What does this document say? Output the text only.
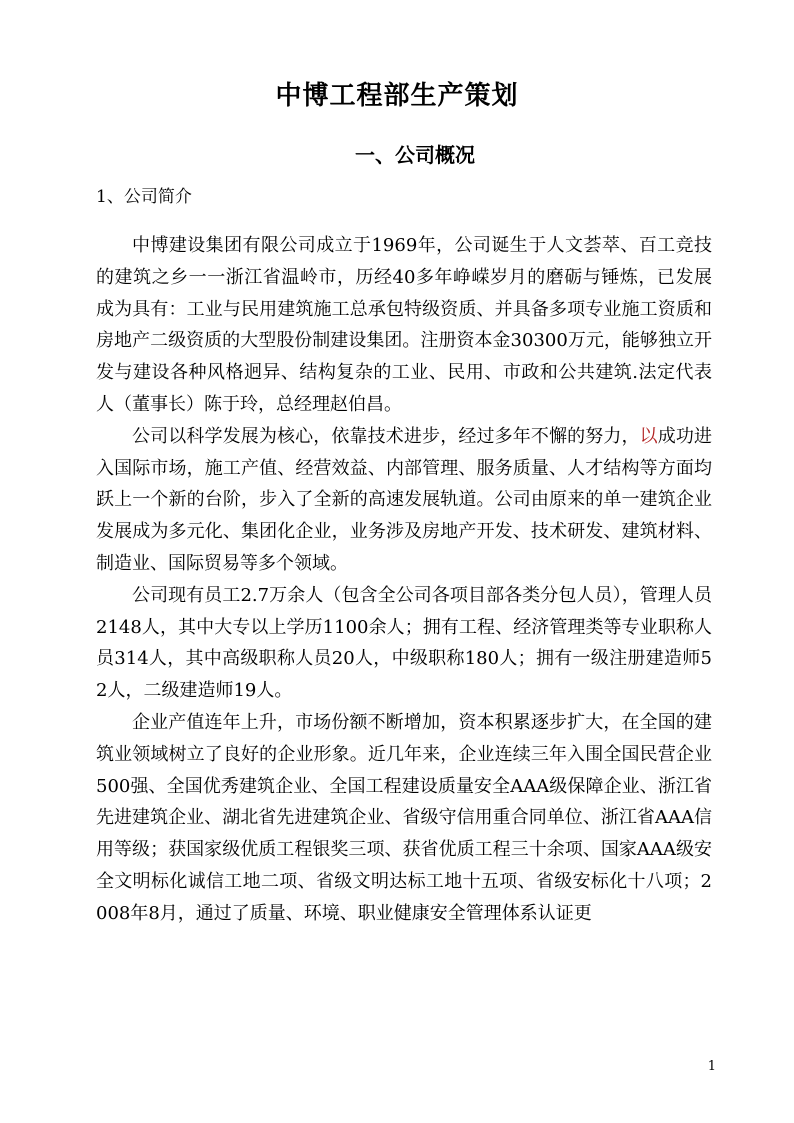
中博工程部生产策划
一、公司概况
1、公司简介

中博建设集团有限公司成立于1969年，公司诞生于人文荟萃、百工竞技的建筑之乡一一浙江省温岭市，历经40多年峥嵘岁月的磨砺与锤炼，已发展成为具有：工业与民用建筑施工总承包特级资质、并具备多项专业施工资质和房地产二级资质的大型股份制建设集团。注册资本金30300万元，能够独立开发与建设各种风格迥异、结构复杂的工业、民用、市政和公共建筑.法定代表人（董事长）陈于玲，总经理赵伯昌。

公司以科学发展为核心，依靠技术进步，经过多年不懈的努力，以成功进入国际市场，施工产值、经营效益、内部管理、服务质量、人才结构等方面均跃上一个新的台阶，步入了全新的高速发展轨道。公司由原来的单一建筑企业发展成为多元化、集团化企业，业务涉及房地产开发、技术研发、建筑材料、制造业、国际贸易等多个领域。

公司现有员工2.7万余人（包含全公司各项目部各类分包人员），管理人员2148人，其中大专以上学历1100余人；拥有工程、经济管理类等专业职称人员314人，其中高级职称人员20人，中级职称180人；拥有一级注册建造师52人，二级建造师19人。

企业产值连年上升，市场份额不断增加，资本积累逐步扩大，在全国的建筑业领域树立了良好的企业形象。近几年来，企业连续三年入围全国民营企业500强、全国优秀建筑企业、全国工程建设质量安全AAA级保障企业、浙江省先进建筑企业、湖北省先进建筑企业、省级守信用重合同单位、浙江省AAA信用等级；获国家级优质工程银奖三项、获省优质工程三十余项、国家AAA级安全文明标化诚信工地二项、省级文明达标工地十五项、省级安标化十八项；2008年8月，通过了质量、环境、职业健康安全管理体系认证更

1
